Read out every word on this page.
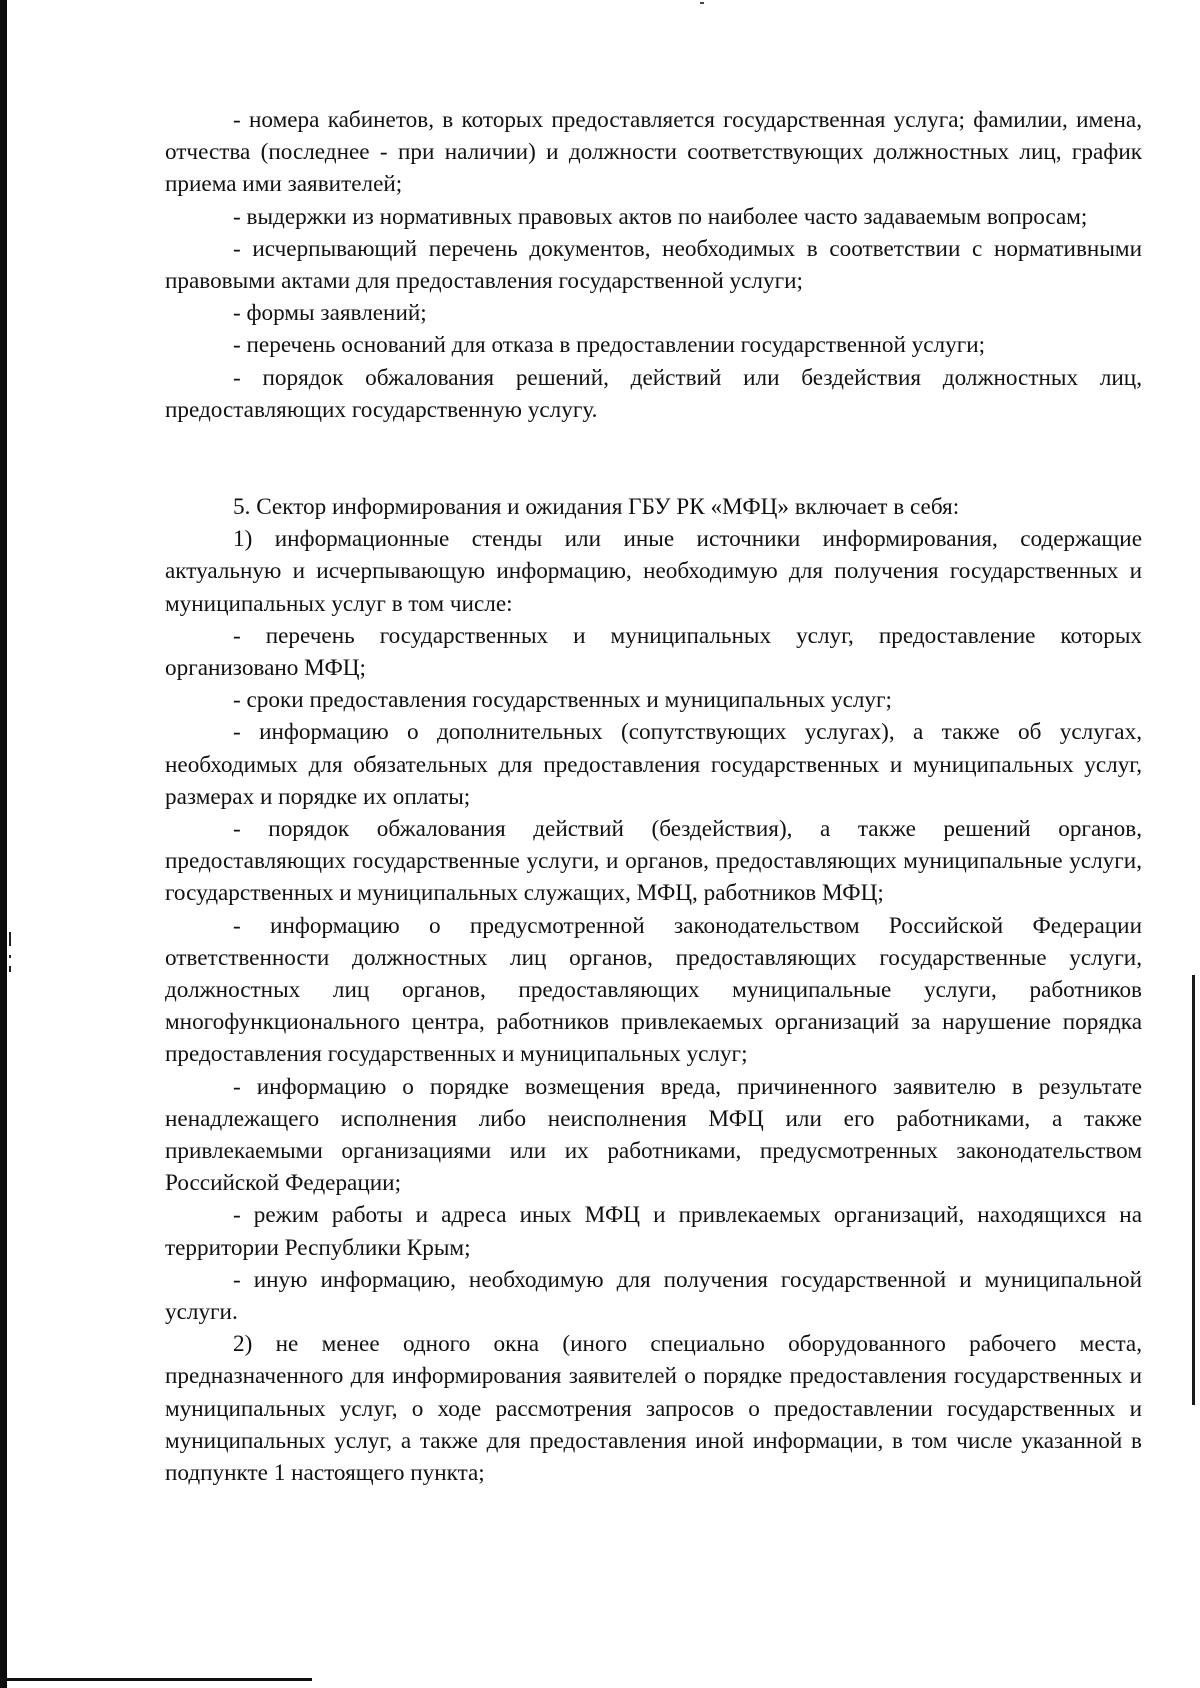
- номера кабинетов, в которых предоставляется государственная услуга; фамилии, имена, отчества (последнее - при наличии) и должности соответствующих должностных лиц, график приема ими заявителей;

- выдержки из нормативных правовых актов по наиболее часто задаваемым вопросам;

- исчерпывающий перечень документов, необходимых в соответствии с нормативными правовыми актами для предоставления государственной услуги;

- формы заявлений;

- перечень оснований для отказа в предоставлении государственной услуги;

- порядок обжалования решений, действий или бездействия должностных лиц, предоставляющих государственную услугу.

5. Сектор информирования и ожидания ГБУ РК «МФЦ» включает в себя:

1) информационные стенды или иные источники информирования, содержащие актуальную и исчерпывающую информацию, необходимую для получения государственных и муниципальных услуг в том числе:

- перечень государственных и муниципальных услуг, предоставление которых организовано МФЦ;

- сроки предоставления государственных и муниципальных услуг;

- информацию о дополнительных (сопутствующих услугах), а также об услугах, необходимых для обязательных для предоставления государственных и муниципальных услуг, размерах и порядке их оплаты;

- порядок обжалования действий (бездействия), а также решений органов, предоставляющих государственные услуги, и органов, предоставляющих муниципальные услуги, государственных и муниципальных служащих, МФЦ, работников МФЦ;

- информацию о предусмотренной законодательством Российской Федерации ответственности должностных лиц органов, предоставляющих государственные услуги, должностных лиц органов, предоставляющих муниципальные услуги, работников многофункционального центра, работников привлекаемых организаций за нарушение порядка предоставления государственных и муниципальных услуг;

- информацию о порядке возмещения вреда, причиненного заявителю в результате ненадлежащего исполнения либо неисполнения МФЦ или его работниками, а также привлекаемыми организациями или их работниками, предусмотренных законодательством Российской Федерации;

- режим работы и адреса иных МФЦ и привлекаемых организаций, находящихся на территории Республики Крым;

- иную информацию, необходимую для получения государственной и муниципальной услуги.

2) не менее одного окна (иного специально оборудованного рабочего места, предназначенного для информирования заявителей о порядке предоставления государственных и муниципальных услуг, о ходе рассмотрения запросов о предоставлении государственных и муниципальных услуг, а также для предоставления иной информации, в том числе указанной в подпункте 1 настоящего пункта;
